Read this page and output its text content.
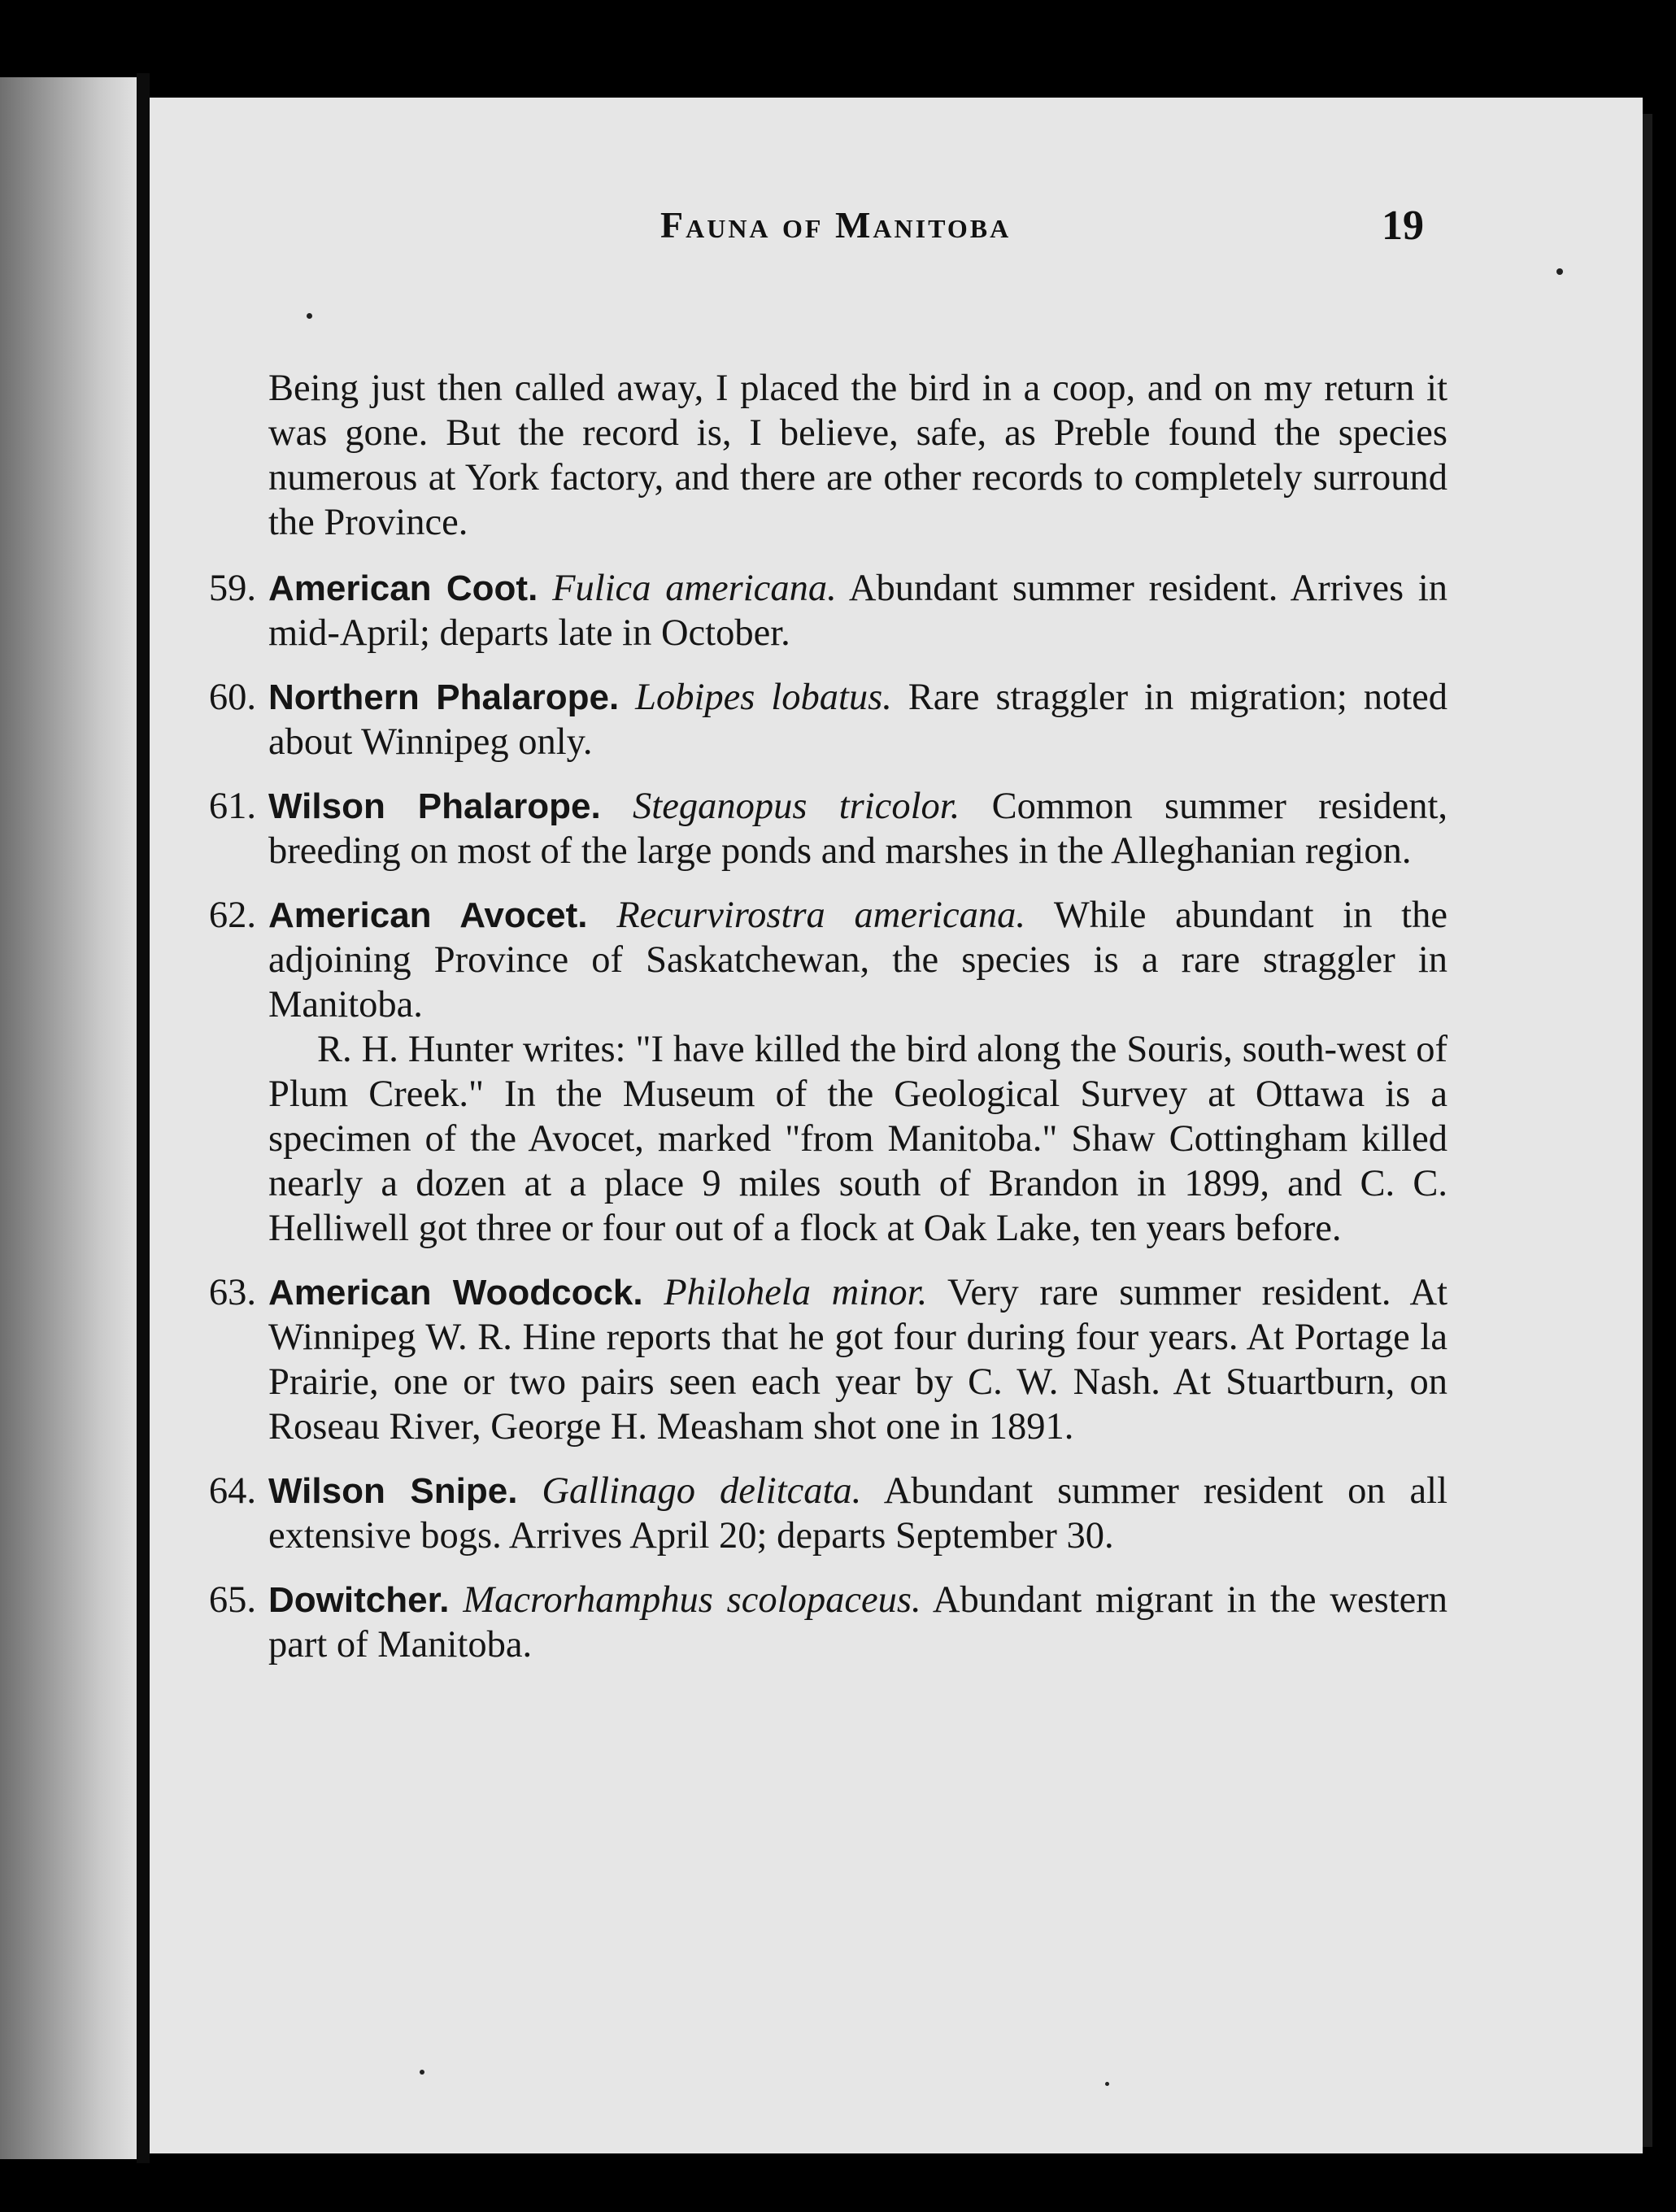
Fauna of Manitoba	19

Being just then called away, I placed the bird in a coop, and on my return it was gone. But the record is, I believe, safe, as Preble found the species numerous at York factory, and there are other records to completely surround the Province.

59. American Coot. Fulica americana. Abundant summer resident. Arrives in mid-April; departs late in October.

60. Northern Phalarope. Lobipes lobatus. Rare straggler in migration; noted about Winnipeg only.

61. Wilson Phalarope. Steganopus tricolor. Common summer resident, breeding on most of the large ponds and marshes in the Alleghanian region.

62. American Avocet. Recurvirostra americana. While abundant in the adjoining Province of Saskatchewan, the species is a rare straggler in Manitoba.
R. H. Hunter writes: "I have killed the bird along the Souris, south-west of Plum Creek." In the Museum of the Geological Survey at Ottawa is a specimen of the Avocet, marked "from Manitoba." Shaw Cottingham killed nearly a dozen at a place 9 miles south of Brandon in 1899, and C. C. Helliwell got three or four out of a flock at Oak Lake, ten years before.

63. American Woodcock. Philohela minor. Very rare summer resident. At Winnipeg W. R. Hine reports that he got four during four years. At Portage la Prairie, one or two pairs seen each year by C. W. Nash. At Stuartburn, on Roseau River, George H. Measham shot one in 1891.

64. Wilson Snipe. Gallinago delitcata. Abundant summer resident on all extensive bogs. Arrives April 20; departs September 30.

65. Dowitcher. Macrorhamphus scolopaceus. Abundant migrant in the western part of Manitoba.
